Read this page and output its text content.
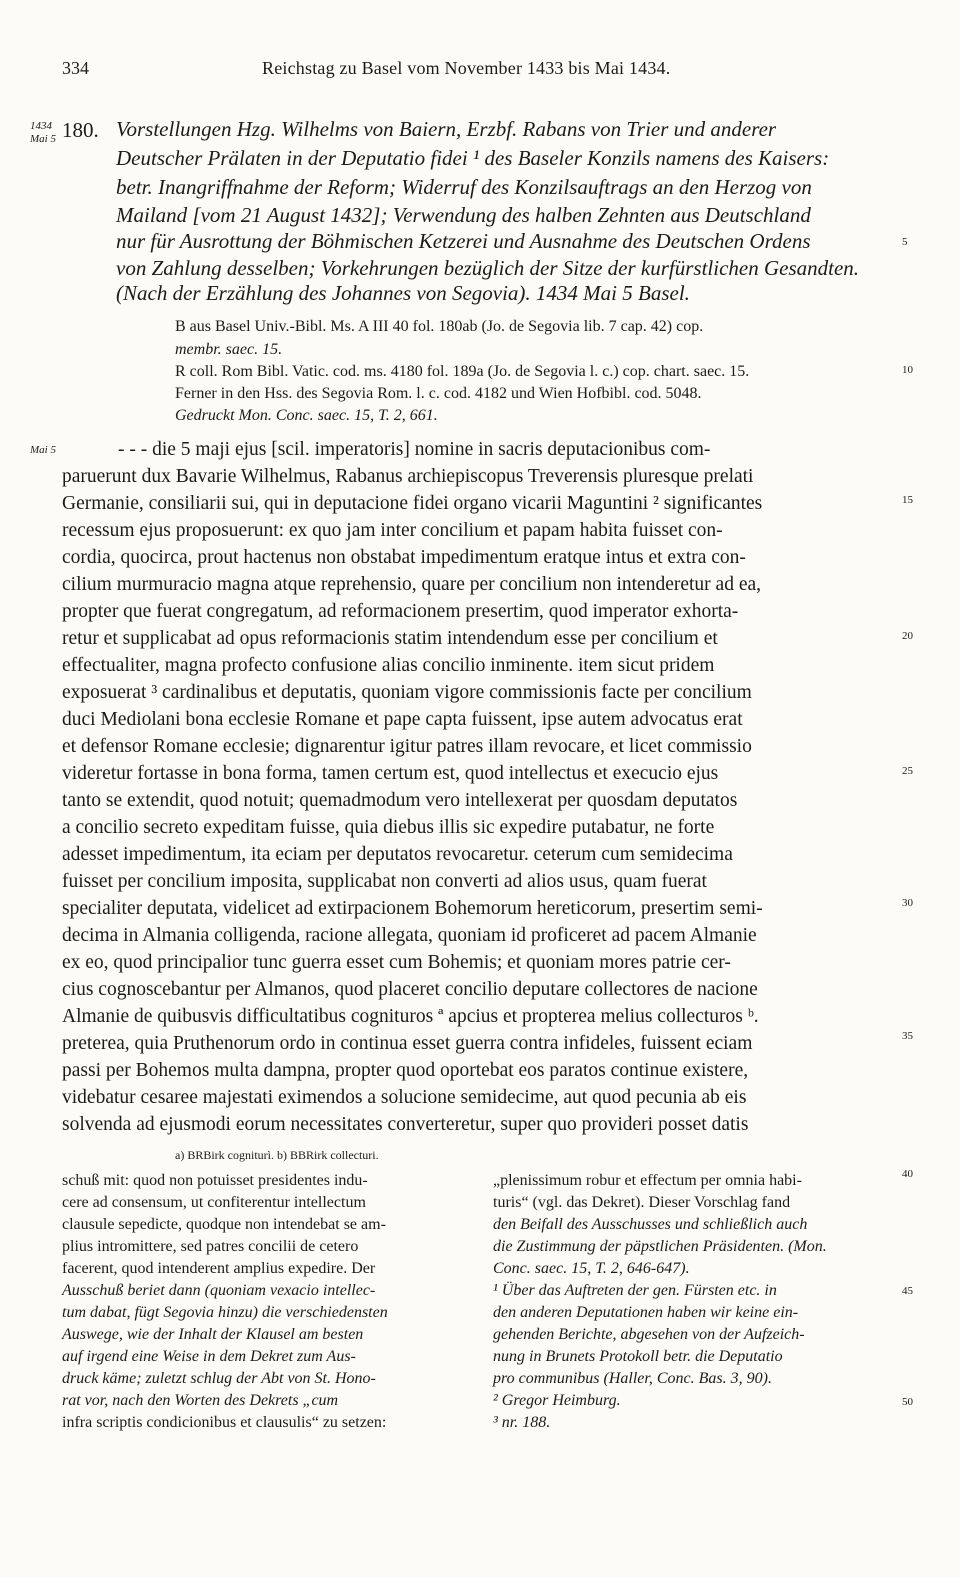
334	Reichstag zu Basel vom November 1433 bis Mai 1434.
1434
Mai 5 180. Vorstellungen Hzg. Wilhelms von Baiern, Erzbf. Rabans von Trier und anderer
Deutscher Prälaten in der Deputatio fidei ¹ des Baseler Konzils namens des Kaisers:
betr. Inangriffnahme der Reform; Widerruf des Konzilsauftrags an den Herzog von
Mailand [vom 21 August 1432]; Verwendung des halben Zehnten aus Deutschland
nur für Ausrottung der Böhmischen Ketzerei und Ausnahme des Deutschen Ordens
von Zahlung desselben; Vorkehrungen bezüglich der Sitze der kurfürstlichen Gesandten.
(Nach der Erzählung des Johannes von Segovia). 1434 Mai 5 Basel.
B aus Basel Univ.-Bibl. Ms. A III 40 fol. 180ab (Jo. de Segovia lib. 7 cap. 42) cop.
membr. saec. 15.
R coll. Rom Bibl. Vatic. cod. ms. 4180 fol. 189a (Jo. de Segovia l. c.) cop. chart. saec. 15.
Ferner in den Hss. des Segovia Rom. l. c. cod. 4182 und Wien Hofbibl. cod. 5048.
Gedruckt Mon. Conc. saec. 15, T. 2, 661.
Mai 5
5
10
15
20
25
30
35
40
45
50
- - - die 5 maji ejus [scil. imperatoris] nomine in sacris deputacionibus com-
paruerunt dux Bavarie Wilhelmus, Rabanus archiepiscopus Treverensis pluresque prelati
Germanie, consiliarii sui, qui in deputacione fidei organo vicarii Maguntini ² significantes
recessum ejus proposuerunt: ex quo jam inter concilium et papam habita fuisset con-
cordia, quocirca, prout hactenus non obstabat impedimentum eratque intus et extra con-
cilium murmuracio magna atque reprehensio, quare per concilium non intenderetur ad ea,
propter que fuerat congregatum, ad reformacionem presertim, quod imperator exhorta-
retur et supplicabat ad opus reformacionis statim intendendum esse per concilium et
effectualiter, magna profecto confusione alias concilio inminente. item sicut pridem
exposuerat ³ cardinalibus et deputatis, quoniam vigore commissionis facte per concilium
duci Mediolani bona ecclesie Romane et pape capta fuissent, ipse autem advocatus erat
et defensor Romane ecclesie; dignarentur igitur patres illam revocare, et licet commissio
videretur fortasse in bona forma, tamen certum est, quod intellectus et execucio ejus
tanto se extendit, quod notuit; quemadmodum vero intellexerat per quosdam deputatos
a concilio secreto expeditam fuisse, quia diebus illis sic expedire putabatur, ne forte
adesset impedimentum, ita eciam per deputatos revocaretur. ceterum cum semidecima
fuisset per concilium imposita, supplicabat non converti ad alios usus, quam fuerat
specialiter deputata, videlicet ad extirpacionem Bohemorum hereticorum, presertim semi-
decima in Almania colligenda, racione allegata, quoniam id proficeret ad pacem Almanie
ex eo, quod principalior tunc guerra esset cum Bohemis; et quoniam mores patrie cer-
cius cognoscebantur per Almanos, quod placeret concilio deputare collectores de nacione
Almanie de quibusvis difficultatibus cognituros ª apcius et propterea melius collecturos ᵇ.
preterea, quia Pruthenorum ordo in continua esset guerra contra infideles, fuissent eciam
passi per Bohemos multa dampna, propter quod oportebat eos paratos continue existere,
videbatur cesaree majestati eximendos a solucione semidecime, aut quod pecunia ab eis
solvenda ad ejusmodi eorum necessitates converteretur, super quo provideri posset datis
a) BRBirk cogniturì. b) BBRirk collecturi.
schuß mit: quod non potuisset presidentes indu-
cere ad consensum, ut confiterentur intellectum
clausule sepedicte, quodque non intendebat se am-
plius intromittere, sed patres concilii de cetero
facerent, quod intenderent amplius expedire. Der
Ausschuß beriet dann (quoniam vexacio intellec-
tum dabat, fügt Segovia hinzu) die verschiedensten
Auswege, wie der Inhalt der Klausel am besten
auf irgend eine Weise in dem Dekret zum Aus-
druck käme; zuletzt schlug der Abt von St. Hono-
rat vor, nach den Worten des Dekrets „cum
infra scriptis condicionibus et clausulis“ zu setzen:
„plenissimum robur et effectum per omnia habi-
turis“ (vgl. das Dekret). Dieser Vorschlag fand
den Beifall des Ausschusses und schließlich auch
die Zustimmung der päpstlichen Präsidenten. (Mon.
Conc. saec. 15, T. 2, 646-647).
¹ Über das Auftreten der gen. Fürsten etc. in
den anderen Deputationen haben wir keine ein-
gehenden Berichte, abgesehen von der Aufzeich-
nung in Brunets Protokoll betr. die Deputatio
pro communibus (Haller, Conc. Bas. 3, 90).
² Gregor Heimburg.
³ nr. 188.
